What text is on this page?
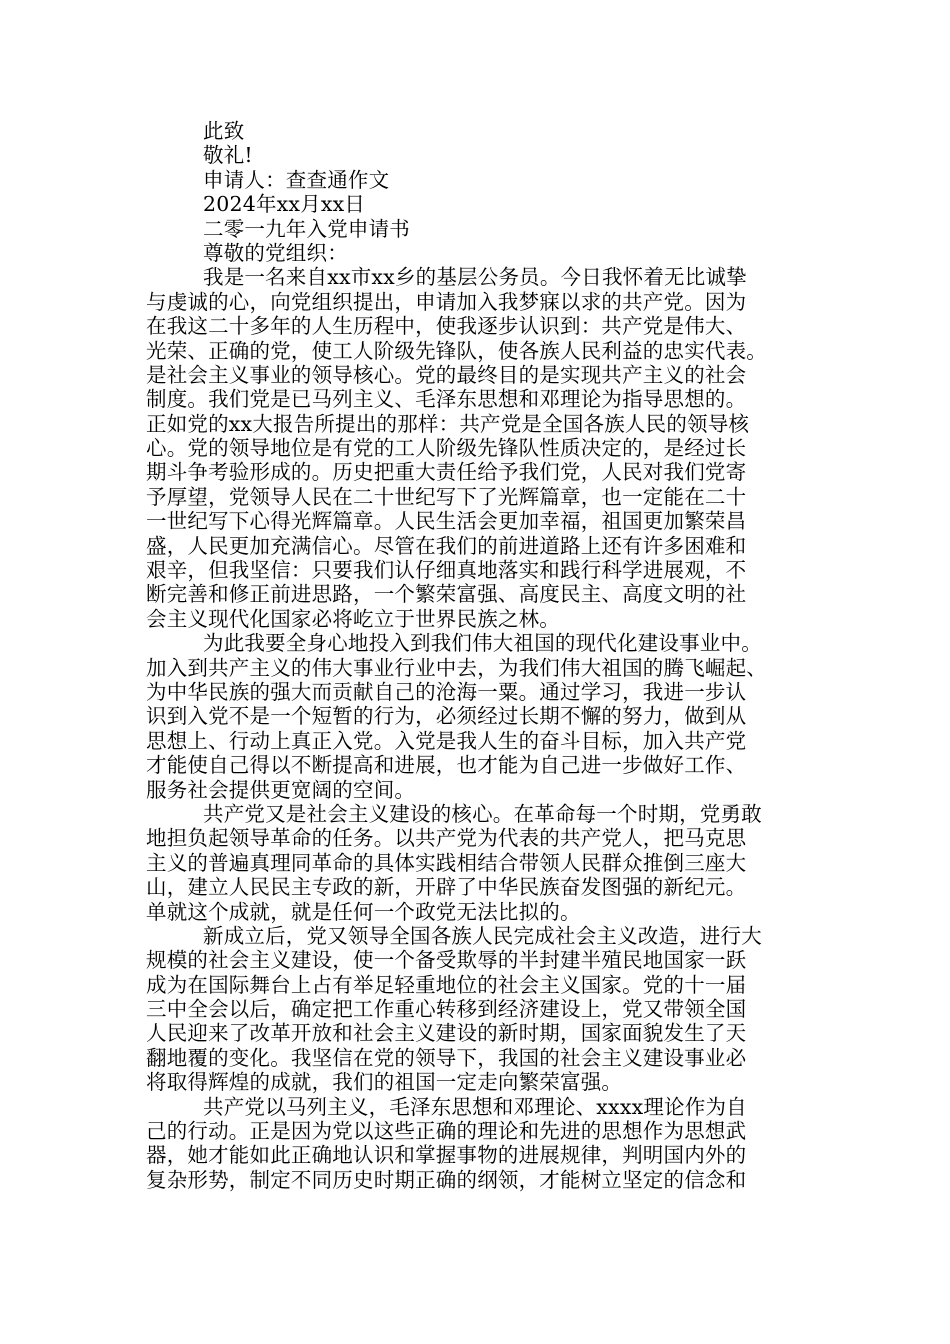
此致
敬礼!
申请人：查查通作文
2024年xx月xx日
二零一九年入党申请书
尊敬的党组织：
我是一名来自xx市xx乡的基层公务员。今日我怀着无比诚挚
与虔诚的心，向党组织提出，申请加入我梦寐以求的共产党。因为
在我这二十多年的人生历程中，使我逐步认识到：共产党是伟大、
光荣、正确的党，使工人阶级先锋队，使各族人民利益的忠实代表。
是社会主义事业的领导核心。党的最终目的是实现共产主义的社会
制度。我们党是已马列主义、毛泽东思想和邓理论为指导思想的。
正如党的xx大报告所提出的那样：共产党是全国各族人民的领导核
心。党的领导地位是有党的工人阶级先锋队性质决定的，是经过长
期斗争考验形成的。历史把重大责任给予我们党，人民对我们党寄
予厚望，党领导人民在二十世纪写下了光辉篇章，也一定能在二十
一世纪写下心得光辉篇章。人民生活会更加幸福，祖国更加繁荣昌
盛，人民更加充满信心。尽管在我们的前进道路上还有许多困难和
艰辛，但我坚信：只要我们认仔细真地落实和践行科学进展观，不
断完善和修正前进思路，一个繁荣富强、高度民主、高度文明的社
会主义现代化国家必将屹立于世界民族之林。
为此我要全身心地投入到我们伟大祖国的现代化建设事业中。
加入到共产主义的伟大事业行业中去，为我们伟大祖国的腾飞崛起、
为中华民族的强大而贡献自己的沧海一粟。通过学习，我进一步认
识到入党不是一个短暂的行为，必须经过长期不懈的努力，做到从
思想上、行动上真正入党。入党是我人生的奋斗目标，加入共产党
才能使自己得以不断提高和进展，也才能为自己进一步做好工作、
服务社会提供更宽阔的空间。
共产党又是社会主义建设的核心。在革命每一个时期，党勇敢
地担负起领导革命的任务。以共产党为代表的共产党人，把马克思
主义的普遍真理同革命的具体实践相结合带领人民群众推倒三座大
山，建立人民民主专政的新，开辟了中华民族奋发图强的新纪元。
单就这个成就，就是任何一个政党无法比拟的。
新成立后，党又领导全国各族人民完成社会主义改造，进行大
规模的社会主义建设，使一个备受欺辱的半封建半殖民地国家一跃
成为在国际舞台上占有举足轻重地位的社会主义国家。党的十一届
三中全会以后，确定把工作重心转移到经济建设上，党又带领全国
人民迎来了改革开放和社会主义建设的新时期，国家面貌发生了天
翻地覆的变化。我坚信在党的领导下，我国的社会主义建设事业必
将取得辉煌的成就，我们的祖国一定走向繁荣富强。
共产党以马列主义，毛泽东思想和邓理论、xxxx理论作为自
己的行动。正是因为党以这些正确的理论和先进的思想作为思想武
器，她才能如此正确地认识和掌握事物的进展规律，判明国内外的
复杂形势，制定不同历史时期正确的纲领，才能树立坚定的信念和
